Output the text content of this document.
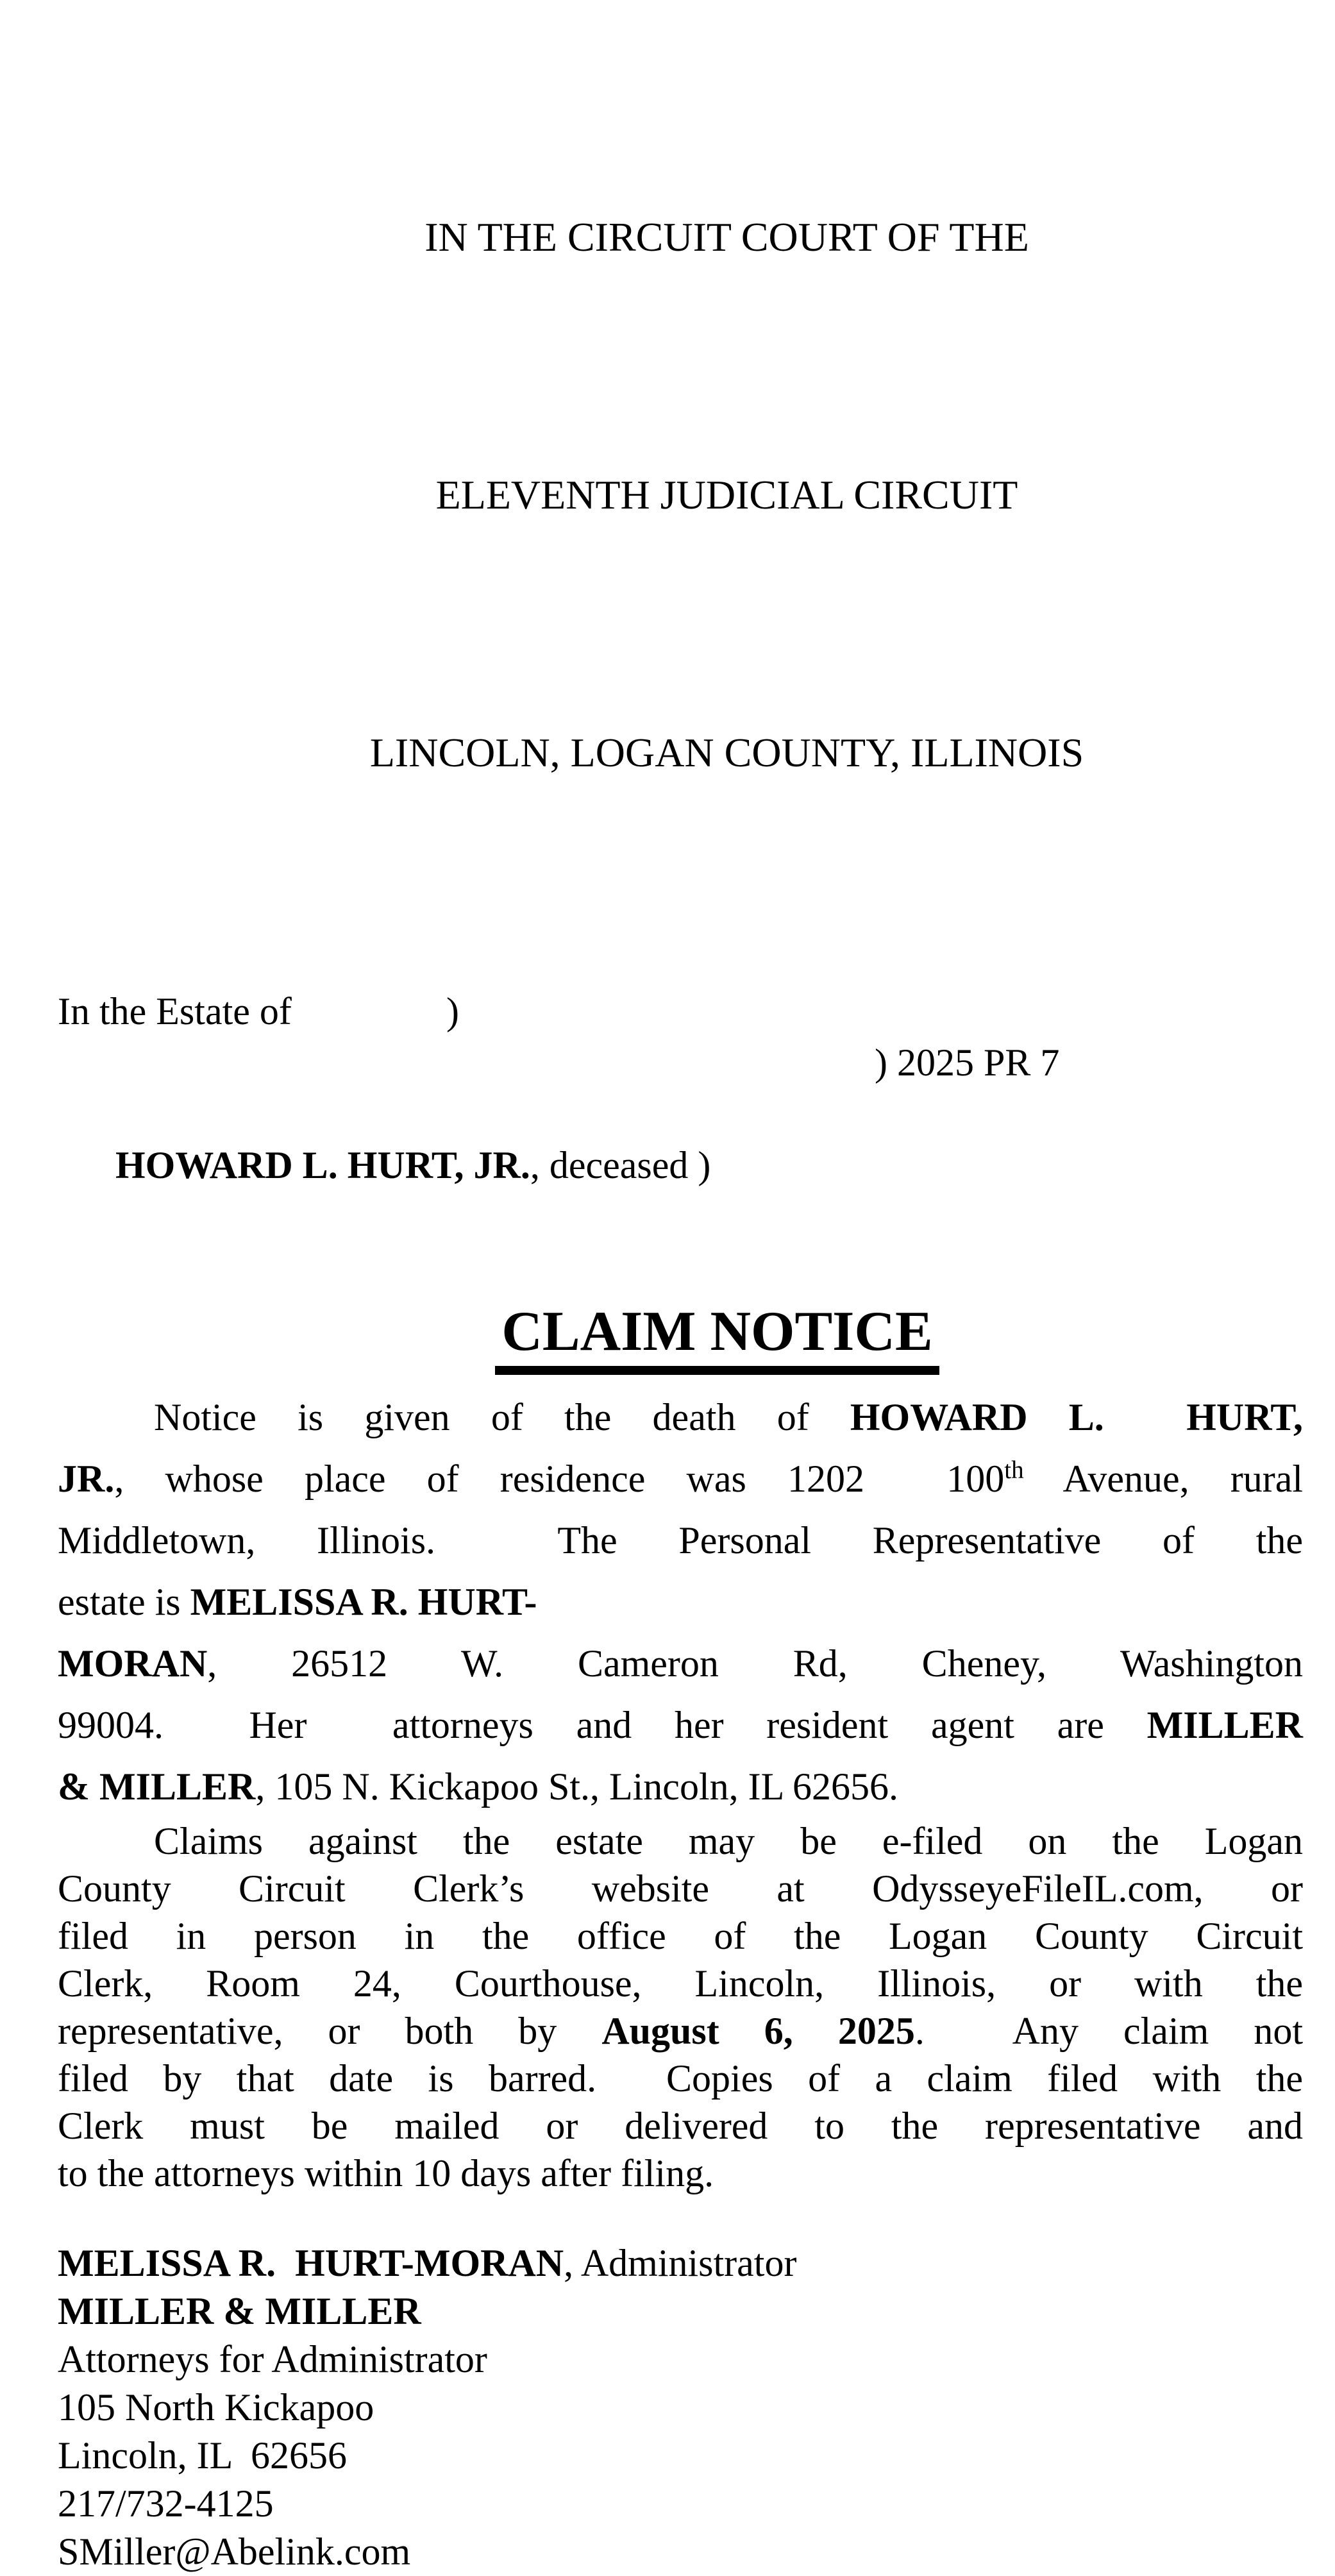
IN THE CIRCUIT COURT OF THE

ELEVENTH JUDICIAL CIRCUIT

LINCOLN, LOGAN COUNTY, ILLINOIS

In the Estate of	)
) 2025 PR 7

HOWARD L. HURT, JR., deceased )

CLAIM NOTICE
Notice is given of the death of HOWARD L.  HURT,
JR., whose place of residence was 1202  100th Avenue, rural
Middletown, Illinois.  The Personal Representative of the
estate is MELISSA R. HURT-
MORAN, 26512 W. Cameron Rd, Cheney, Washington
99004.  Her  attorneys and her resident agent are MILLER
& MILLER, 105 N. Kickapoo St., Lincoln, IL 62656.
Claims against the estate may be e-filed on the Logan
County Circuit Clerk’s website at OdysseyeFileIL.com, or
filed in person in the office of the Logan County Circuit
Clerk, Room 24, Courthouse, Lincoln, Illinois, or with the
representative, or both by August 6, 2025.  Any claim not
filed by that date is barred.  Copies of a claim filed with the
Clerk must be mailed or delivered to the representative and
to the attorneys within 10 days after filing.
MELISSA R.  HURT-MORAN, Administrator
MILLER & MILLER
Attorneys for Administrator
105 North Kickapoo
Lincoln, IL  62656
217/732-4125
SMiller@Abelink.com
